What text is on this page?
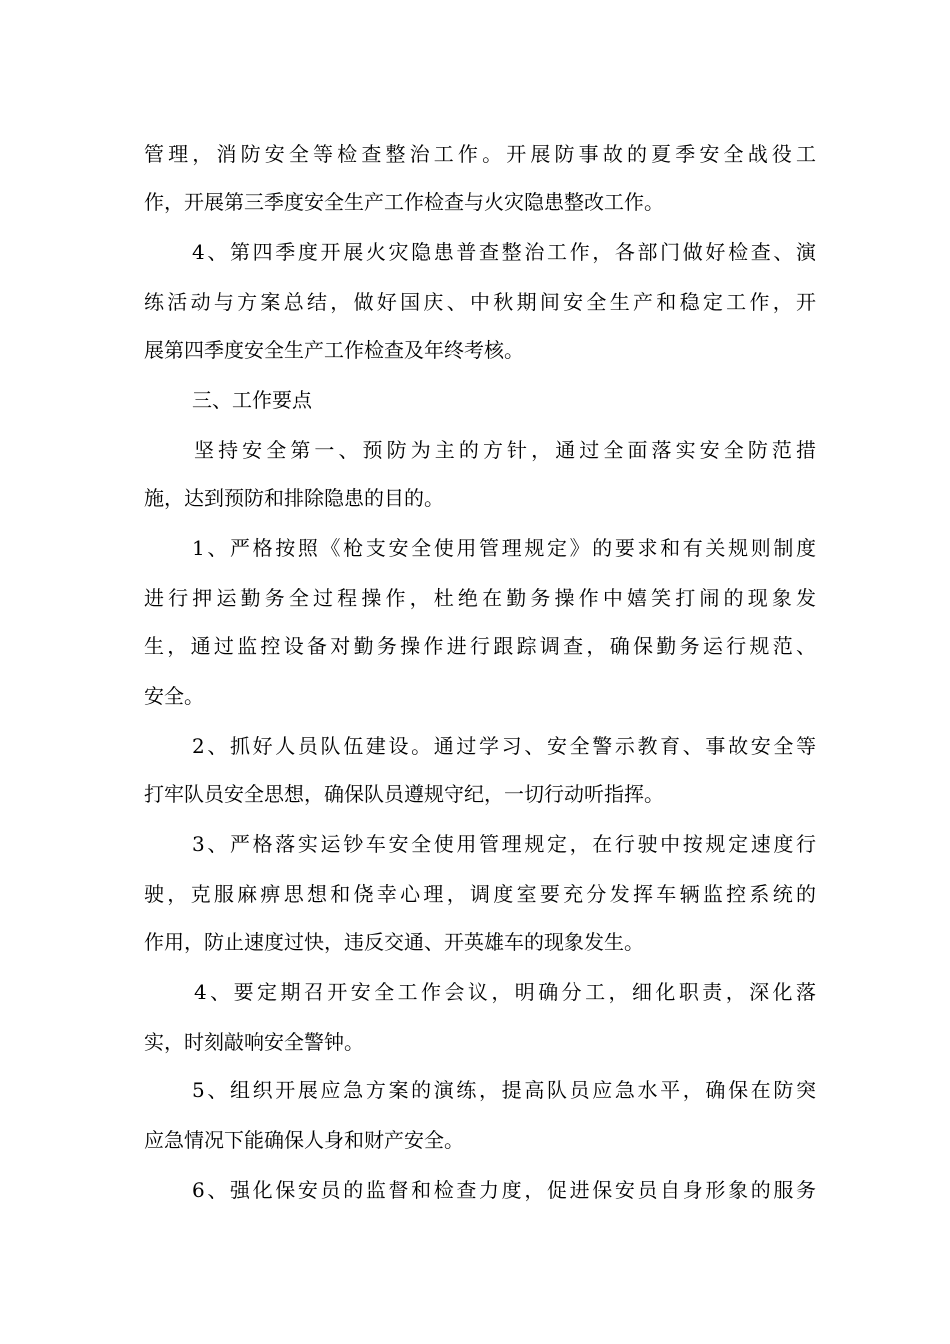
管理，消防安全等检查整治工作。开展防事故的夏季安全战役工

作，开展第三季度安全生产工作检查与火灾隐患整改工作。

4、第四季度开展火灾隐患普查整治工作，各部门做好检查、演

练活动与方案总结，做好国庆、中秋期间安全生产和稳定工作，开

展第四季度安全生产工作检查及年终考核。

三、工作要点

坚持安全第一、预防为主的方针，通过全面落实安全防范措

施，达到预防和排除隐患的目的。

1、严格按照《枪支安全使用管理规定》的要求和有关规则制度

进行押运勤务全过程操作，杜绝在勤务操作中嬉笑打闹的现象发

生，通过监控设备对勤务操作进行跟踪调查，确保勤务运行规范、

安全。

2、抓好人员队伍建设。通过学习、安全警示教育、事故安全等

打牢队员安全思想，确保队员遵规守纪，一切行动听指挥。

3、严格落实运钞车安全使用管理规定，在行驶中按规定速度行

驶，克服麻痹思想和侥幸心理，调度室要充分发挥车辆监控系统的

作用，防止速度过快，违反交通、开英雄车的现象发生。

4、要定期召开安全工作会议，明确分工，细化职责，深化落

实，时刻敲响安全警钟。

5、组织开展应急方案的演练，提高队员应急水平，确保在防突

应急情况下能确保人身和财产安全。

6、强化保安员的监督和检查力度，促进保安员自身形象的服务
